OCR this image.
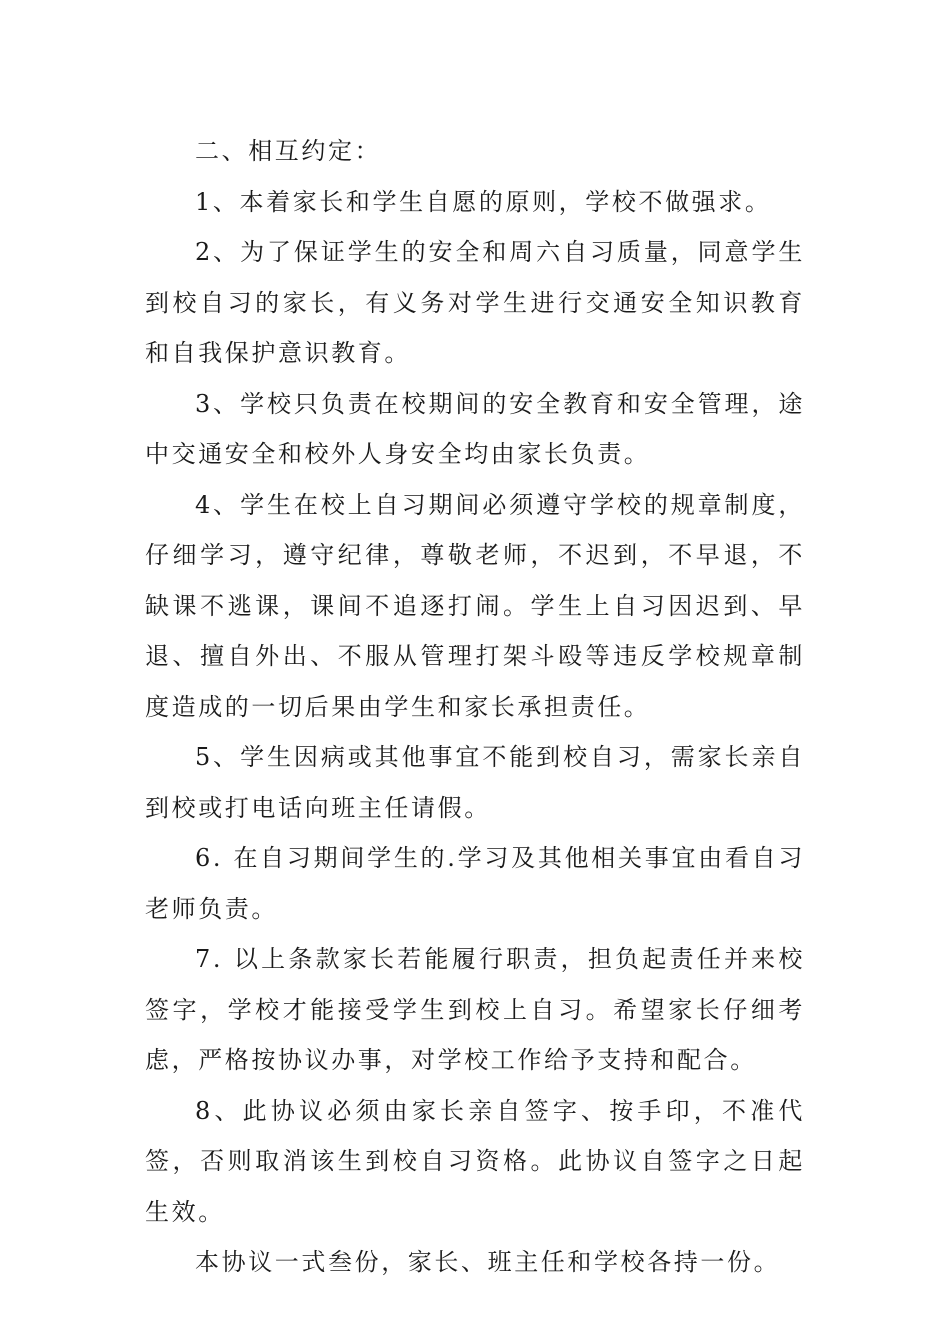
二、相互约定：

1、本着家长和学生自愿的原则，学校不做强求。

2、为了保证学生的安全和周六自习质量，同意学生到校自习的家长，有义务对学生进行交通安全知识教育和自我保护意识教育。

3、学校只负责在校期间的安全教育和安全管理，途中交通安全和校外人身安全均由家长负责。

4、学生在校上自习期间必须遵守学校的规章制度，仔细学习，遵守纪律，尊敬老师，不迟到，不早退，不缺课不逃课，课间不追逐打闹。学生上自习因迟到、早退、擅自外出、不服从管理打架斗殴等违反学校规章制度造成的一切后果由学生和家长承担责任。

5、学生因病或其他事宜不能到校自习，需家长亲自到校或打电话向班主任请假。

6. 在自习期间学生的.学习及其他相关事宜由看自习老师负责。

7. 以上条款家长若能履行职责，担负起责任并来校签字，学校才能接受学生到校上自习。希望家长仔细考虑，严格按协议办事，对学校工作给予支持和配合。

8、此协议必须由家长亲自签字、按手印，不准代签，否则取消该生到校自习资格。此协议自签字之日起生效。

本协议一式叁份，家长、班主任和学校各持一份。
